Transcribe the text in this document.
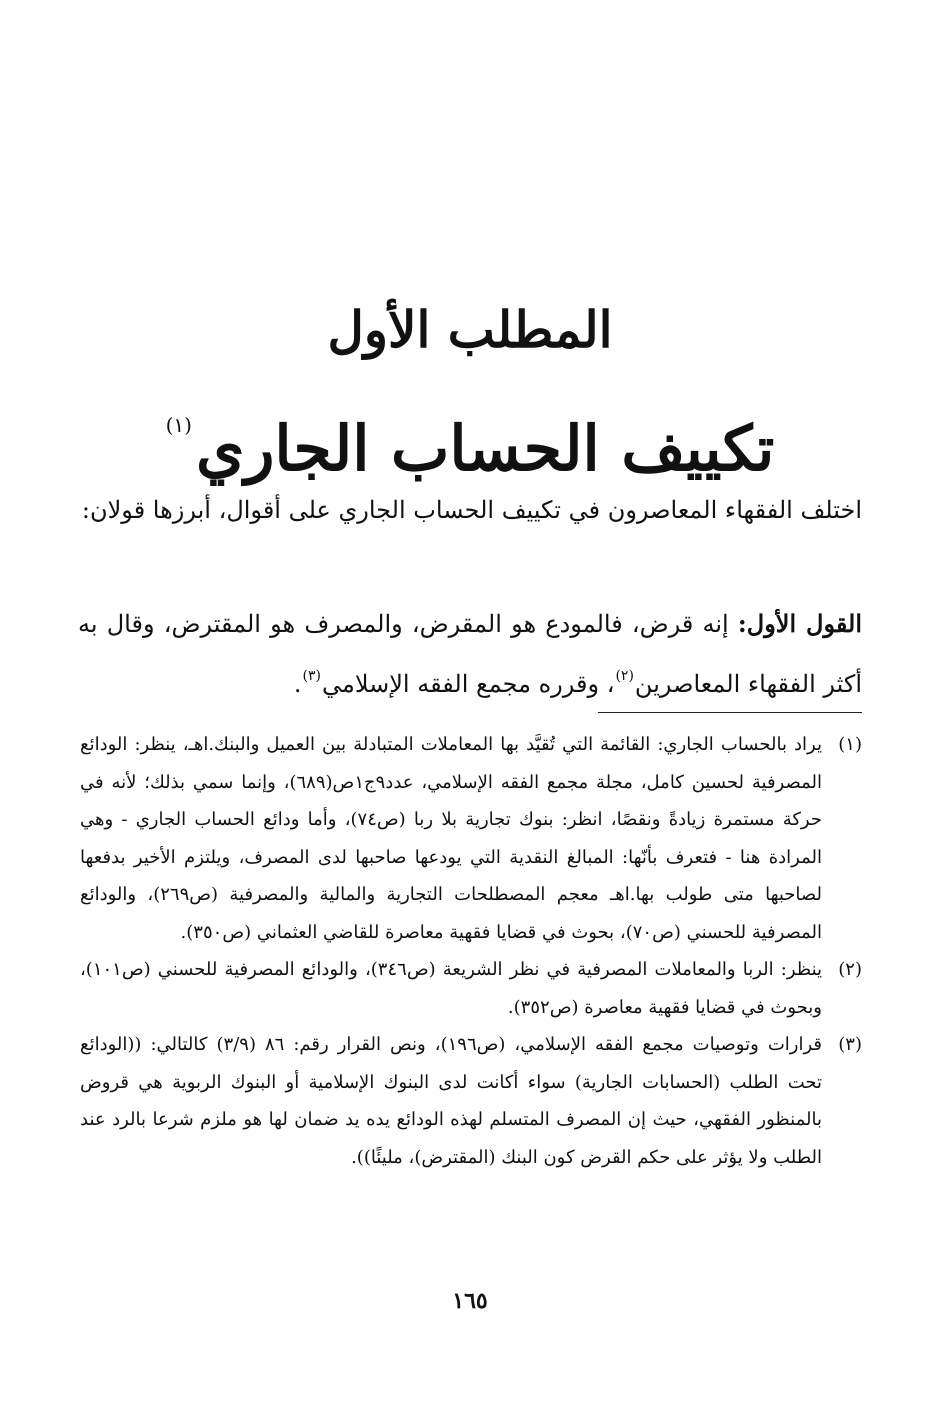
المطلب الأول
تكييف الحساب الجاري$^{(١)}$

اختلف الفقهاء المعاصرون في تكييف الحساب الجاري على أقوال، أبرزها قولان:

القول الأول: إنه قرض، فالمودع هو المقرض، والمصرف هو المقترض، وقال به أكثر الفقهاء المعاصرين$^{(٢)}$، وقرره مجمع الفقه الإسلامي$^{(٣)}$.

(١)
يراد بالحساب الجاري: القائمة التي تُقيَّد بها المعاملات المتبادلة بين العميل والبنك.اهـ، ينظر: الودائع المصرفية لحسين كامل، مجلة مجمع الفقه الإسلامي، عدد٩ج١ص(٦٨٩)، وإنما سمي بذلك؛ لأنه في حركة مستمرة زيادةً ونقصًا، انظر: بنوك تجارية بلا ربا (ص٧٤)، وأما ودائع الحساب الجاري - وهي المرادة هنا - فتعرف بأنّها: المبالغ النقدية التي يودعها صاحبها لدى المصرف، ويلتزم الأخير بدفعها لصاحبها متى طولب بها.اهـ معجم المصطلحات التجارية والمالية والمصرفية (ص٢٦٩)، والودائع المصرفية للحسني (ص٧٠)، بحوث في قضايا فقهية معاصرة للقاضي العثماني (ص٣٥٠).
(٢)
ينظر: الربا والمعاملات المصرفية في نظر الشريعة (ص٣٤٦)، والودائع المصرفية للحسني (ص١٠١)، وبحوث في قضايا فقهية معاصرة (ص٣٥٢).
(٣)
قرارات وتوصيات مجمع الفقه الإسلامي، (ص١٩٦)، ونص القرار رقم: ٨٦ (٣/٩) كالتالي: ((الودائع تحت الطلب (الحسابات الجارية) سواء أكانت لدى البنوك الإسلامية أو البنوك الربوية هي قروض بالمنظور الفقهي، حيث إن المصرف المتسلم لهذه الودائع يده يد ضمان لها هو ملزم شرعا بالرد عند الطلب ولا يؤثر على حكم القرض كون البنك (المقترض)، مليئًا)).
١٦٥
